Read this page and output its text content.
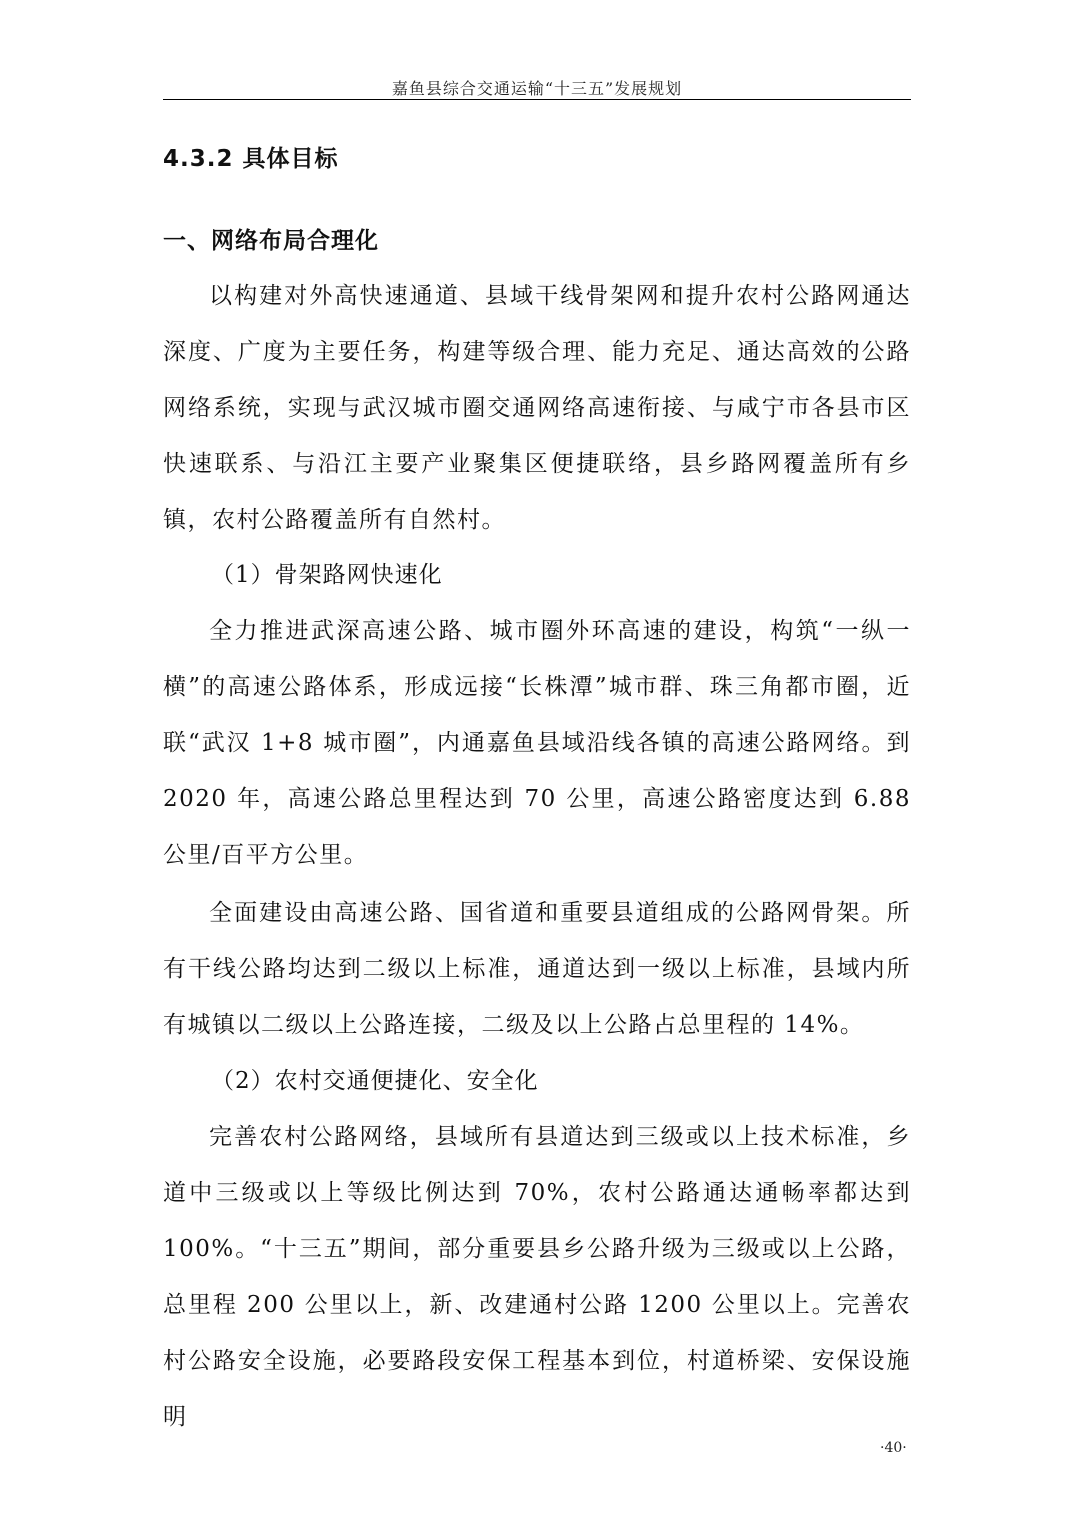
嘉鱼县综合交通运输“十三五”发展规划
4.3.2 具体目标
一、网络布局合理化

以构建对外高快速通道、县域干线骨架网和提升农村公路网通达深度、广度为主要任务，构建等级合理、能力充足、通达高效的公路网络系统，实现与武汉城市圈交通网络高速衔接、与咸宁市各县市区快速联系、与沿江主要产业聚集区便捷联络，县乡路网覆盖所有乡镇，农村公路覆盖所有自然村。

（1）骨架路网快速化

全力推进武深高速公路、城市圈外环高速的建设，构筑“一纵一横”的高速公路体系，形成远接“长株潭”城市群、珠三角都市圈，近联“武汉 1+8 城市圈”，内通嘉鱼县域沿线各镇的高速公路网络。到 2020 年，高速公路总里程达到 70 公里，高速公路密度达到 6.88 公里/百平方公里。

全面建设由高速公路、国省道和重要县道组成的公路网骨架。所有干线公路均达到二级以上标准，通道达到一级以上标准，县域内所有城镇以二级以上公路连接，二级及以上公路占总里程的 14%。

（2）农村交通便捷化、安全化

完善农村公路网络，县域所有县道达到三级或以上技术标准，乡道中三级或以上等级比例达到 70%，农村公路通达通畅率都达到 100%。“十三五”期间，部分重要县乡公路升级为三级或以上公路，总里程 200 公里以上，新、改建通村公路 1200 公里以上。完善农村公路安全设施，必要路段安保工程基本到位，村道桥梁、安保设施明

·40·
